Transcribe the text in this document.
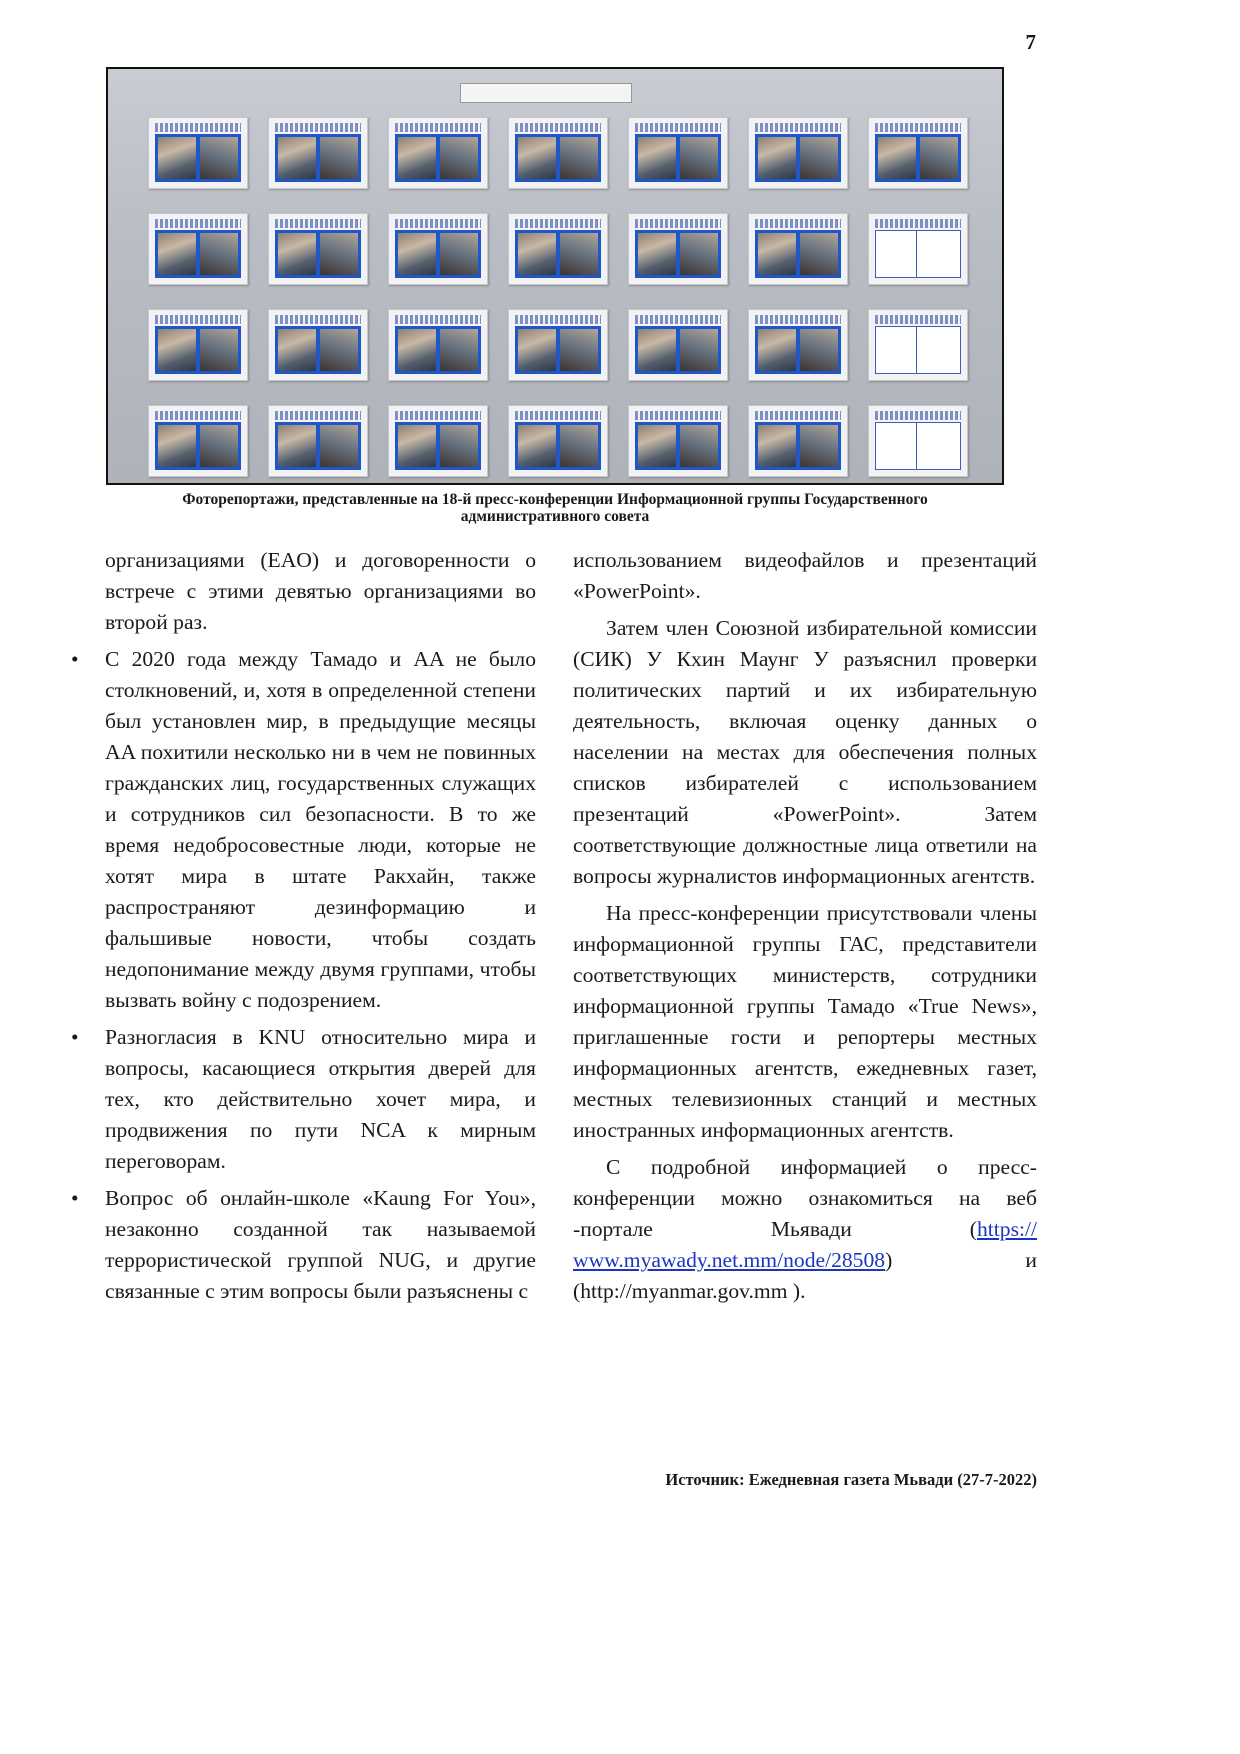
7
Фоторепортажи, представленные на 18-й пресс-конференции Информационной группы Государственного
административного совета

организациями (EAO) и договоренности о встрече с этими девятью организациями во второй раз.

• С 2020 года между Тамадо и AA не было столкновений, и, хотя в определенной степени был установлен мир, в предыдущие месяцы AA похитили несколько ни в чем не повинных гражданских лиц, государственных служащих и сотрудников сил безопасности. В то же время недобросовестные люди, которые не хотят мира в штате Ракхайн, также распространяют дезинформацию и фальшивые новости, чтобы создать недопонимание между двумя группами, чтобы вызвать войну с подозрением.
• Разногласия в KNU относительно мира и вопросы, касающиеся открытия дверей для тех, кто действительно хочет мира, и продвижения по пути NCA к мирным переговорам.
• Вопрос об онлайн-школе «Kaung For You», незаконно созданной так называемой террористической группой NUG, и другие связанные с этим вопросы были разъяснены с

использованием видеофайлов и презентаций «PowerPoint».

Затем член Союзной избирательной комиссии (СИК) У Кхин Маунг У разъяснил проверки политических партий и их избирательную деятельность, включая оценку данных о населении на местах для обеспечения полных списков избирателей с использованием презентаций «PowerPoint». Затем соответствующие должностные лица ответили на вопросы журналистов информационных агентств.

На пресс-конференции присутствовали члены информационной группы ГАС, представители соответствующих министерств, сотрудники информационной группы Тамадо «True News», приглашенные гости и репортеры местных информационных агентств, ежедневных газет, местных телевизионных станций и местных иностранных информационных агентств.

С подробной информацией о пресс-конференции можно ознакомиться на веб -портале Мьявади (https:// www.myawady.net.mm/node/28508) и (http://myanmar.gov.mm ).

Источник: Ежедневная газета Мьвади (27-7-2022)
